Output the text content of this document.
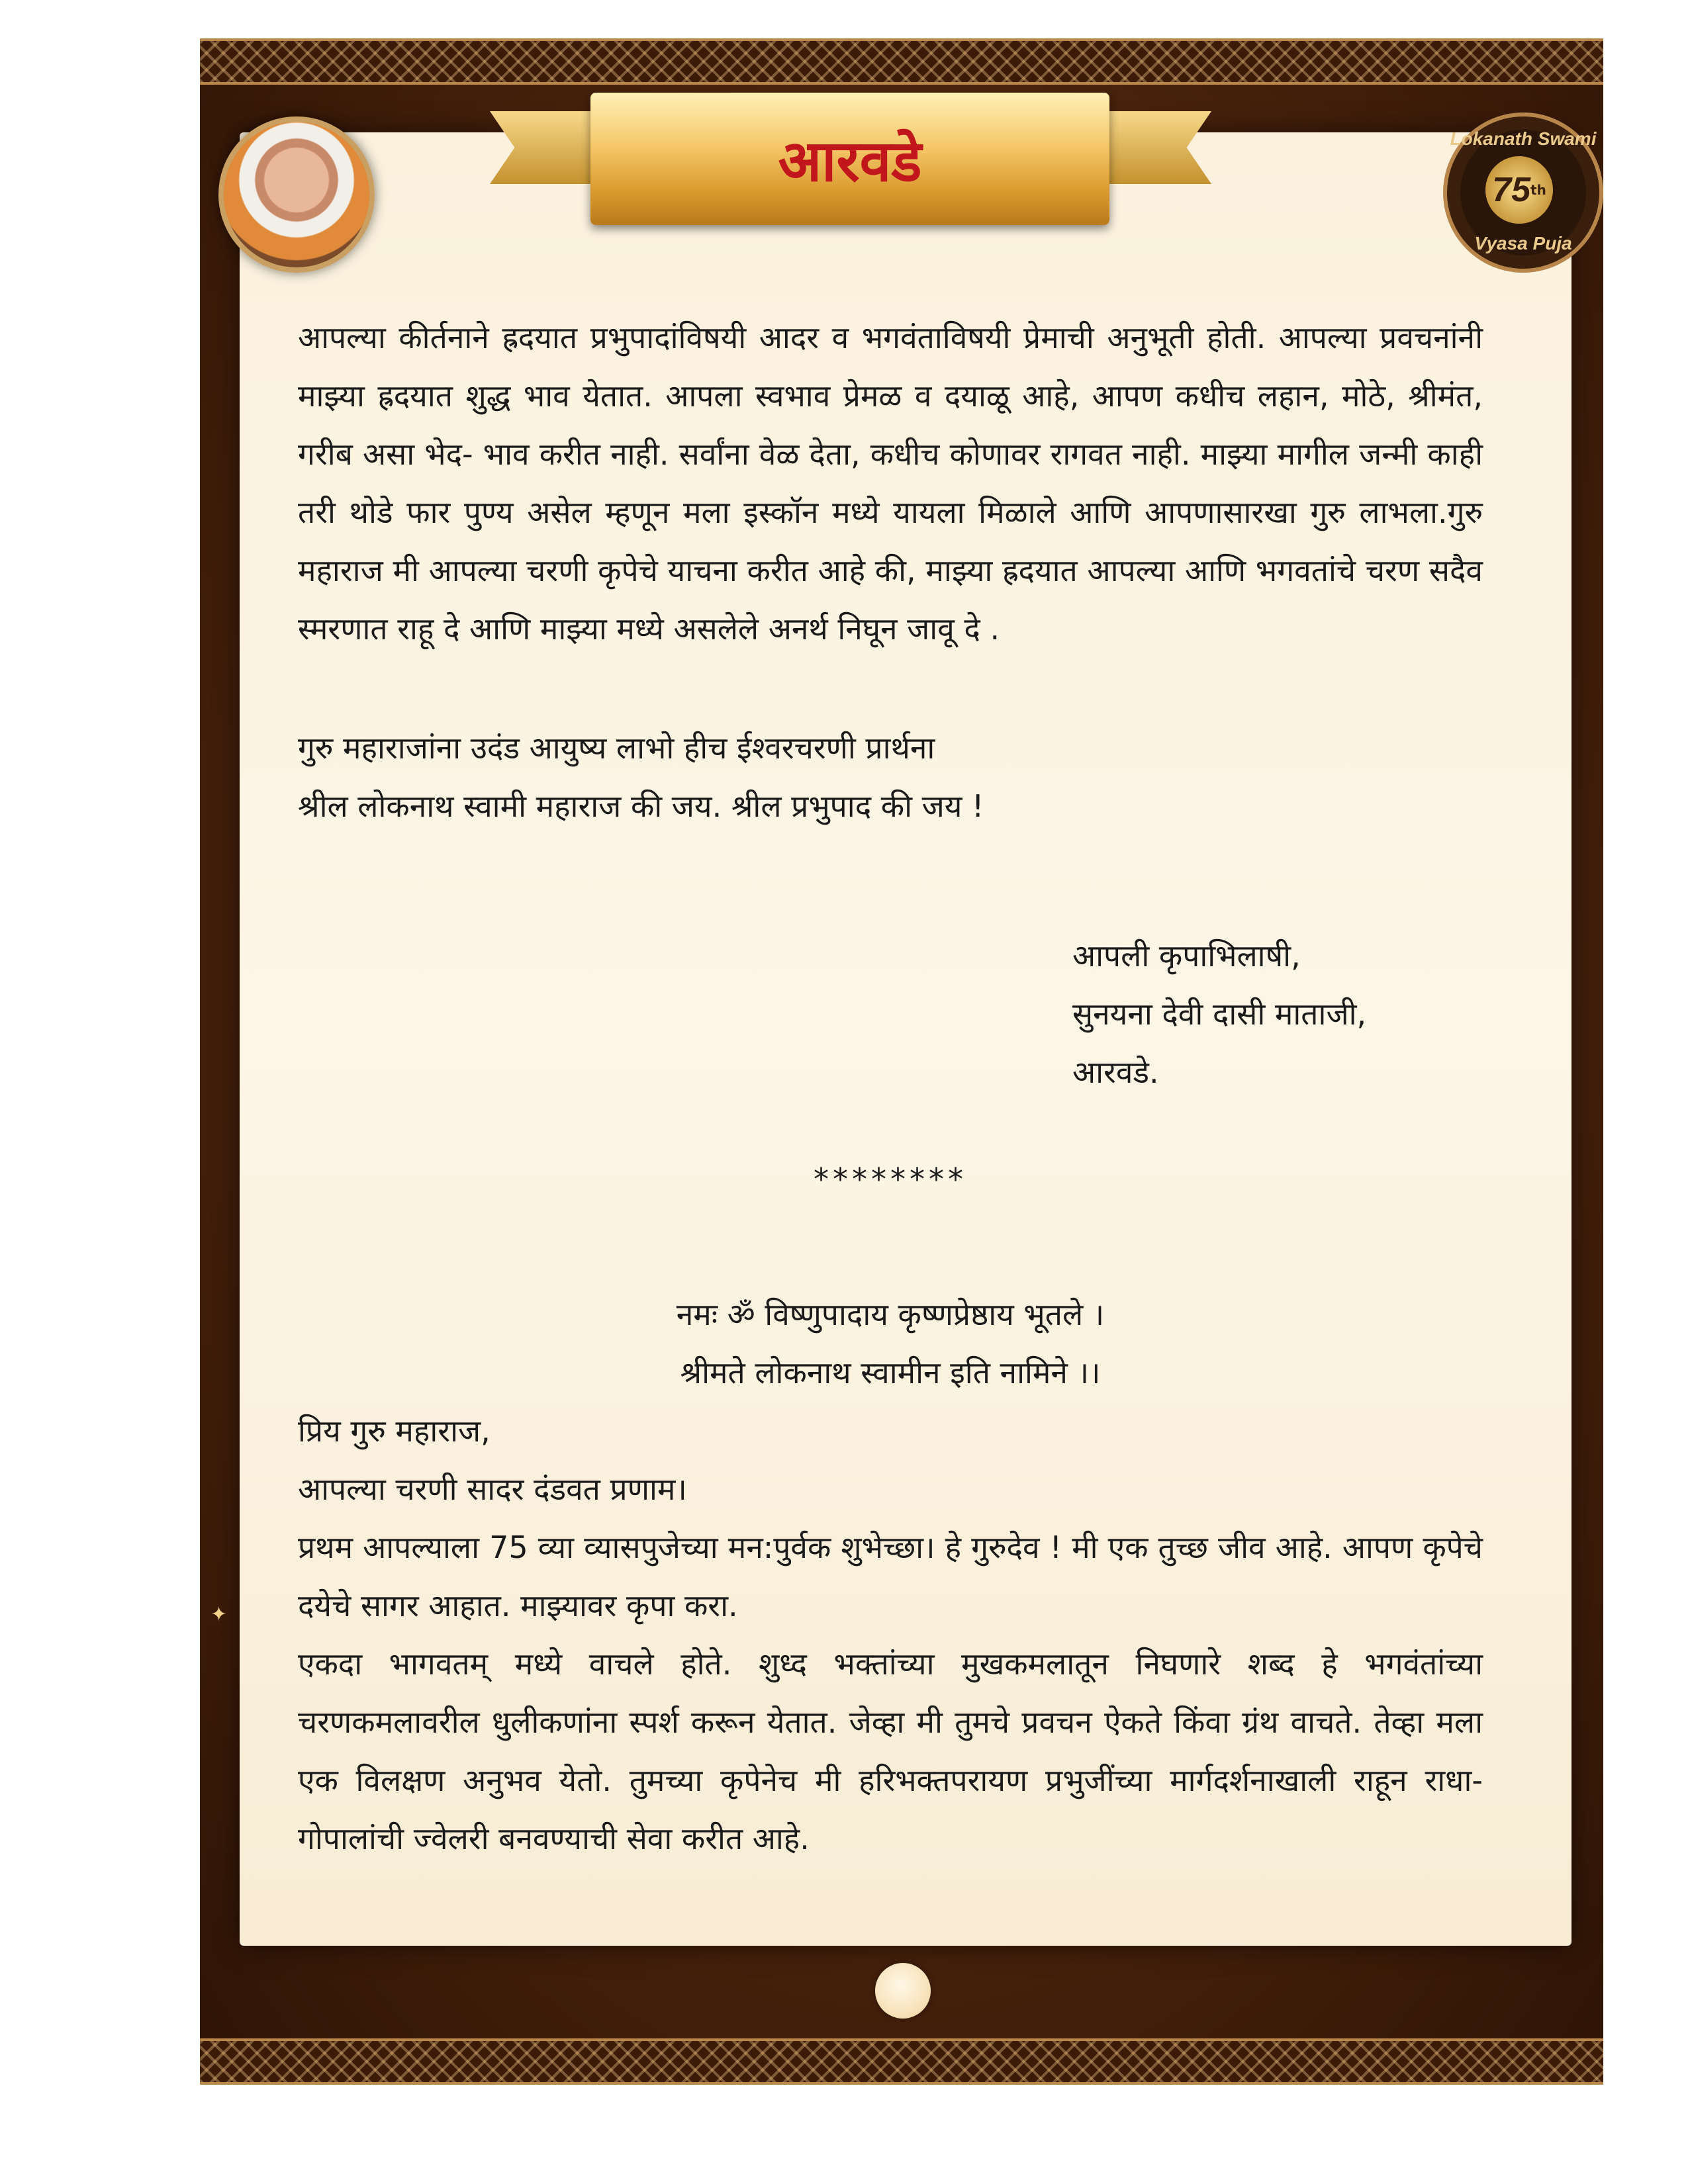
Lokanath Swami
75 th
Vyasa Puja
आरवडे
आपल्या कीर्तनाने ह्रदयात प्रभुपादांविषयी आदर व भगवंताविषयी प्रेमाची अनुभूती होती. आपल्या प्रवचनांनी माझ्या ह्रदयात शुद्ध भाव येतात. आपला स्वभाव प्रेमळ व दयाळू आहे, आपण कधीच लहान, मोठे, श्रीमंत, गरीब असा भेद- भाव करीत नाही. सर्वांना वेळ देता, कधीच कोणावर रागवत नाही. माझ्या मागील जन्मी काही तरी थोडे फार पुण्य असेल म्हणून मला इस्कॉन मध्ये यायला मिळाले आणि आपणासारखा गुरु लाभला.गुरु महाराज मी आपल्या चरणी कृपेचे याचना करीत आहे की, माझ्या ह्रदयात आपल्या आणि भगवतांचे चरण सदैव स्मरणात राहू दे आणि माझ्या मध्ये असलेले अनर्थ निघून जावू दे .
गुरु महाराजांना उदंड आयुष्य लाभो हीच ईश्वरचरणी प्रार्थना
श्रील लोकनाथ स्वामी महाराज की जय. श्रील प्रभुपाद की जय !
आपली कृपाभिलाषी,
सुनयना देवी दासी माताजी,
आरवडे.
********
नमः ॐ विष्णुपादाय कृष्णप्रेष्ठाय भूतले ।
श्रीमते लोकनाथ स्वामीन इति नामिने ।।
प्रिय गुरु महाराज,
आपल्या चरणी सादर दंडवत प्रणाम।
प्रथम आपल्याला 75 व्या व्यासपुजेच्या मन:पुर्वक शुभेच्छा। हे गुरुदेव ! मी एक तुच्छ जीव आहे. आपण कृपेचे दयेचे सागर आहात. माझ्यावर कृपा करा.
एकदा भागवतम् मध्ये वाचले होते. शुध्द भक्तांच्या मुखकमलातून निघणारे शब्द हे भगवंतांच्या चरणकमलावरील धुलीकणांना स्पर्श करून येतात. जेव्हा मी तुमचे प्रवचन ऐकते किंवा ग्रंथ वाचते. तेव्हा मला एक विलक्षण अनुभव येतो. तुमच्या कृपेनेच मी हरिभक्तपरायण प्रभुजींच्या मार्गदर्शनाखाली राहून राधा- गोपालांची ज्वेलरी बनवण्याची सेवा करीत आहे.
✦
